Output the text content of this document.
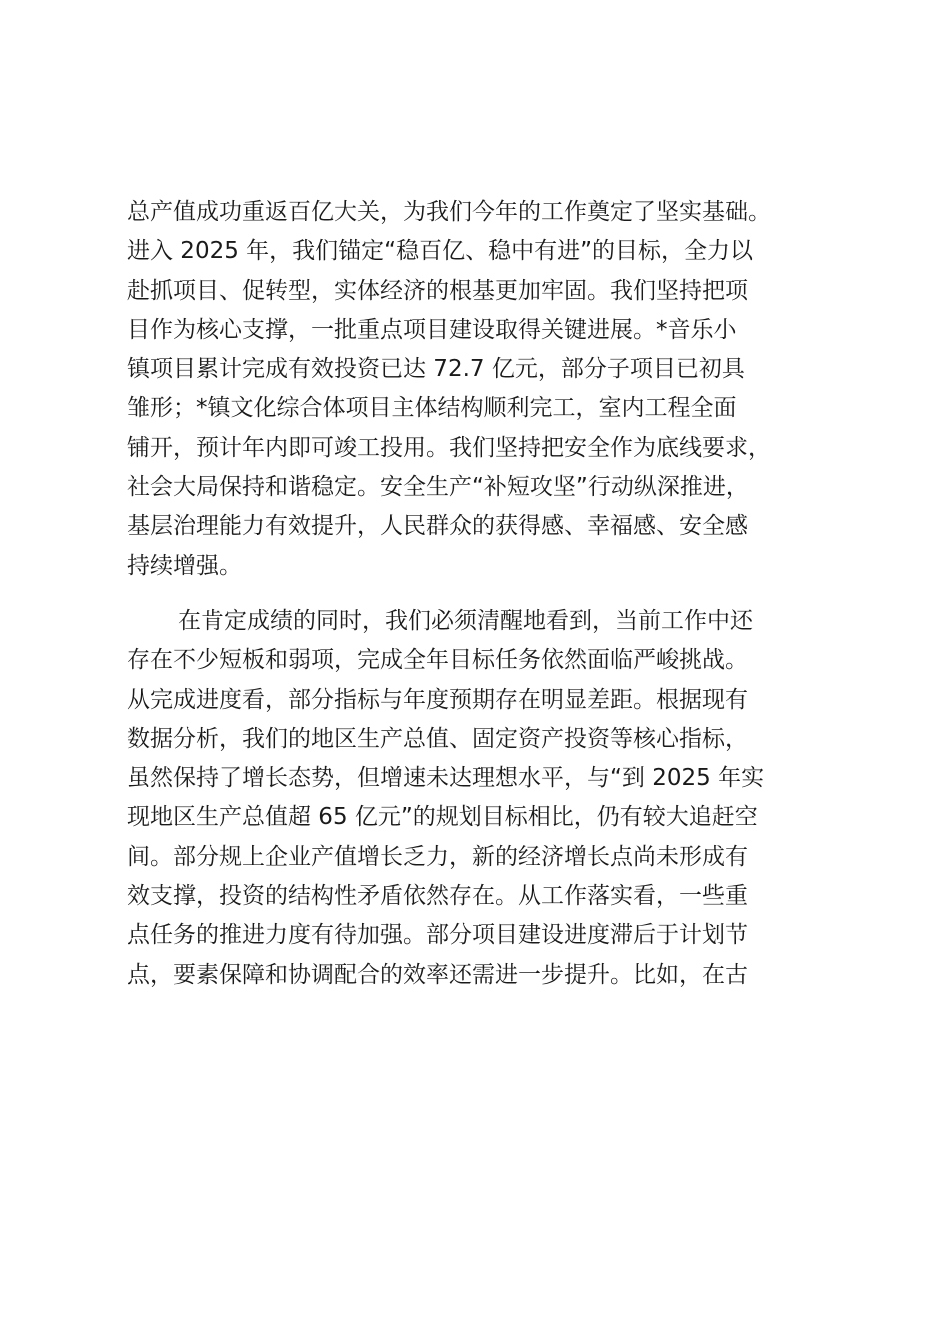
总产值成功重返百亿大关，为我们今年的工作奠定了坚实基础。
进入 2025 年，我们锚定“稳百亿、稳中有进”的目标，全力以
赴抓项目、促转型，实体经济的根基更加牢固。我们坚持把项
目作为核心支撑，一批重点项目建设取得关键进展。*音乐小
镇项目累计完成有效投资已达 72.7 亿元，部分子项目已初具
雏形；*镇文化综合体项目主体结构顺利完工，室内工程全面
铺开，预计年内即可竣工投用。我们坚持把安全作为底线要求，
社会大局保持和谐稳定。安全生产“补短攻坚”行动纵深推进，
基层治理能力有效提升，人民群众的获得感、幸福感、安全感
持续增强。
在肯定成绩的同时，我们必须清醒地看到，当前工作中还
存在不少短板和弱项，完成全年目标任务依然面临严峻挑战。
从完成进度看，部分指标与年度预期存在明显差距。根据现有
数据分析，我们的地区生产总值、固定资产投资等核心指标，
虽然保持了增长态势，但增速未达理想水平，与“到 2025 年实
现地区生产总值超 65 亿元”的规划目标相比，仍有较大追赶空
间。部分规上企业产值增长乏力，新的经济增长点尚未形成有
效支撑，投资的结构性矛盾依然存在。从工作落实看，一些重
点任务的推进力度有待加强。部分项目建设进度滞后于计划节
点，要素保障和协调配合的效率还需进一步提升。比如，在古
